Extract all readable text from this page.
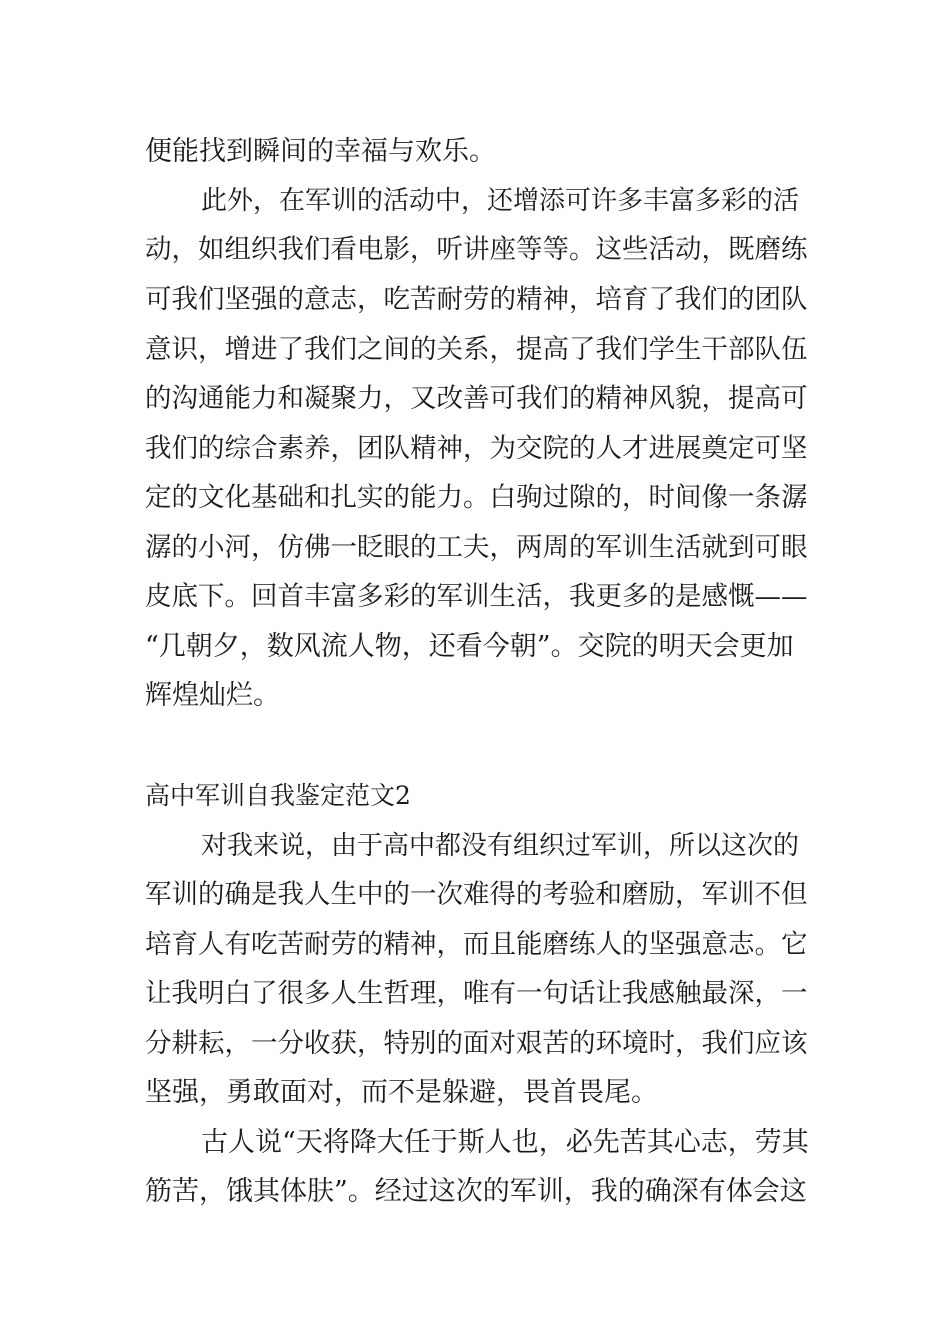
便能找到瞬间的幸福与欢乐。

此外，在军训的活动中，还增添可许多丰富多彩的活

动，如组织我们看电影，听讲座等等。这些活动，既磨练

可我们坚强的意志，吃苦耐劳的精神，培育了我们的团队

意识，增进了我们之间的关系，提高了我们学生干部队伍

的沟通能力和凝聚力，又改善可我们的精神风貌，提高可

我们的综合素养，团队精神，为交院的人才进展奠定可坚

定的文化基础和扎实的能力。白驹过隙的，时间像一条潺

潺的小河，仿佛一眨眼的工夫，两周的军训生活就到可眼

皮底下。回首丰富多彩的军训生活，我更多的是感慨——

“几朝夕，数风流人物，还看今朝”。交院的明天会更加

辉煌灿烂。

高中军训自我鉴定范文2

对我来说，由于高中都没有组织过军训，所以这次的

军训的确是我人生中的一次难得的考验和磨励，军训不但

培育人有吃苦耐劳的精神，而且能磨练人的坚强意志。它

让我明白了很多人生哲理，唯有一句话让我感触最深，一

分耕耘，一分收获，特别的面对艰苦的环境时，我们应该

坚强，勇敢面对，而不是躲避，畏首畏尾。

古人说“天将降大任于斯人也，必先苦其心志，劳其

筋苦，饿其体肤”。经过这次的军训，我的确深有体会这
